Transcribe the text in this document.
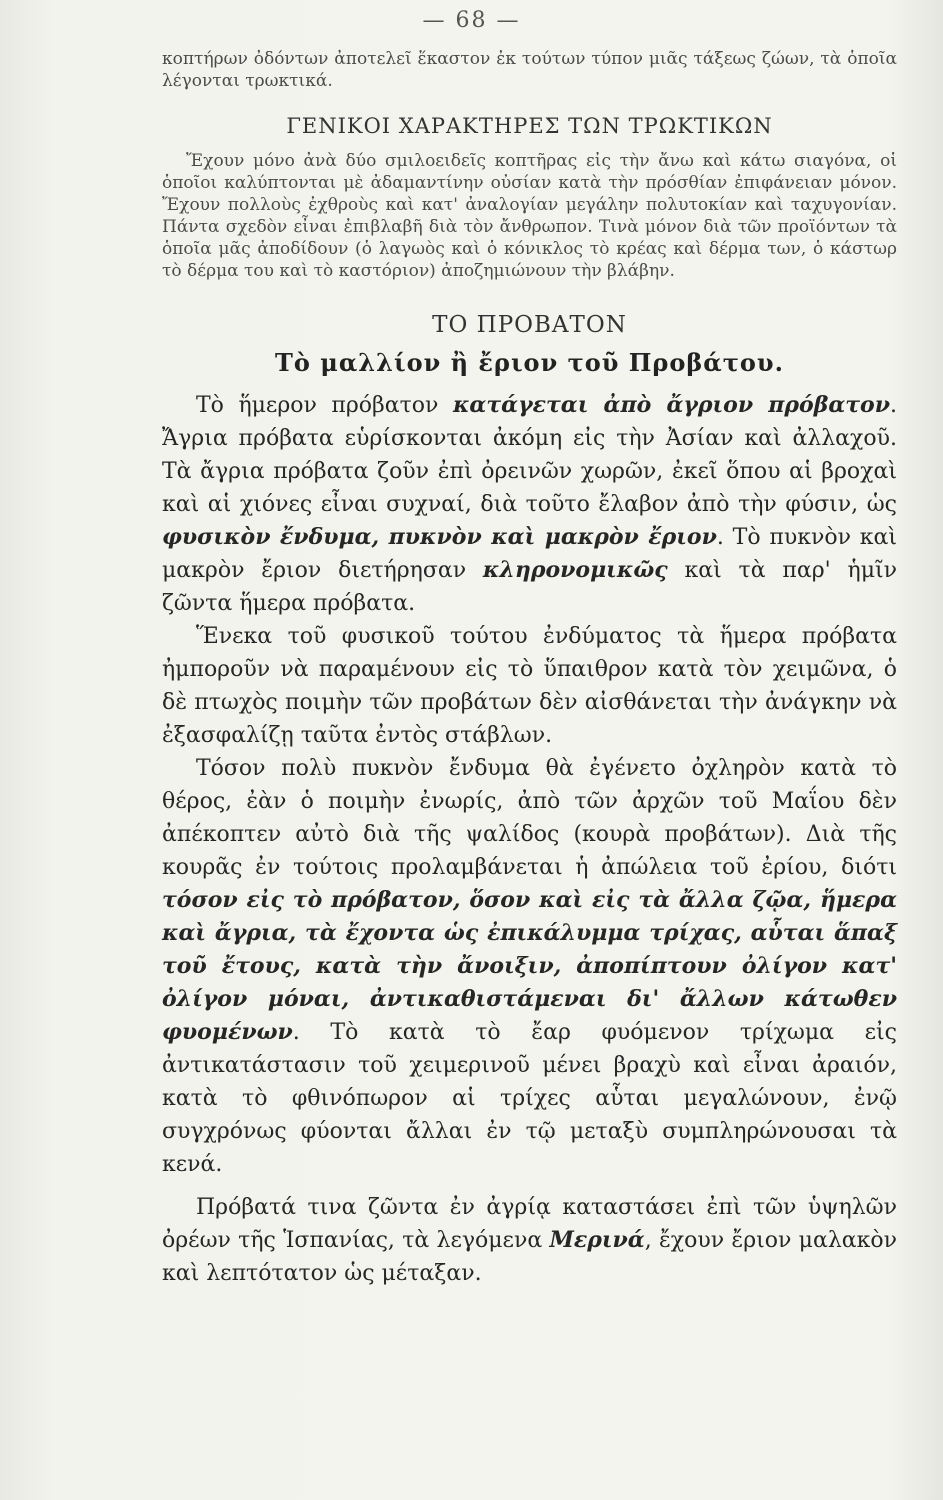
— 68 —

κοπτήρων ὀδόντων ἀποτελεῖ ἕκαστον ἐκ τούτων τύπον μιᾶς τάξεως ζώων, τὰ ὁποῖα λέγονται τρωκτικά.

ΓΕΝΙΚΟΙ ΧΑΡΑΚΤΗΡΕΣ ΤΩΝ ΤΡΩΚΤΙΚΩΝ

Ἔχουν μόνο ἀνὰ δύο σμιλοειδεῖς κοπτῆρας εἰς τὴν ἄνω καὶ κάτω σιαγόνα, οἱ ὁποῖοι καλύπτονται μὲ ἀδαμαντίνην οὐσίαν κατὰ τὴν πρόσθίαν ἐπιφάνειαν μόνον. Ἔχουν πολλοὺς ἐχθροὺς καὶ κατ' ἀναλογίαν μεγάλην πολυτοκίαν καὶ ταχυγονίαν. Πάντα σχεδὸν εἶναι ἐπιβλαβῆ διὰ τὸν ἄνθρωπον. Τινὰ μόνον διὰ τῶν προϊόντων τὰ ὁποῖα μᾶς ἀποδίδουν (ὁ λαγωὸς καὶ ὁ κόνικλος τὸ κρέας καὶ δέρμα των, ὁ κάστωρ τὸ δέρμα του καὶ τὸ καστόριον) ἀποζημιώνουν τὴν βλάβην.

ΤΟ ΠΡΟΒΑΤΟΝ
Τὸ μαλλίον ἢ ἔριον τοῦ Προβάτου.

Τὸ ἥμερον πρόβατον κατάγεται ἀπὸ ἄγριον πρόβατον. Ἄγρια πρόβατα εὑρίσκονται ἀκόμη εἰς τὴν Ἀσίαν καὶ ἀλλαχοῦ. Τὰ ἄγρια πρόβατα ζοῦν ἐπὶ ὀρεινῶν χωρῶν, ἐκεῖ ὅπου αἱ βροχαὶ καὶ αἱ χιόνες εἶναι συχναί, διὰ τοῦτο ἔλαβον ἀπὸ τὴν φύσιν, ὡς φυσικὸν ἔνδυμα, πυκνὸν καὶ μακρὸν ἔριον. Τὸ πυκνὸν καὶ μακρὸν ἔριον διετήρησαν κληρονομικῶς καὶ τὰ παρ' ἡμῖν ζῶντα ἥμερα πρόβατα.

Ἕνεκα τοῦ φυσικοῦ τούτου ἐνδύματος τὰ ἥμερα πρόβατα ἠμποροῦν νὰ παραμένουν εἰς τὸ ὕπαιθρον κατὰ τὸν χειμῶνα, ὁ δὲ πτωχὸς ποιμὴν τῶν προβάτων δὲν αἰσθάνεται τὴν ἀνάγκην νὰ ἐξασφαλίζῃ ταῦτα ἐντὸς στάβλων.

Τόσον πολὺ πυκνὸν ἔνδυμα θὰ ἐγένετο ὀχληρὸν κατὰ τὸ θέρος, ἐὰν ὁ ποιμὴν ἐνωρίς, ἀπὸ τῶν ἀρχῶν τοῦ Μαΐου δὲν ἀπέκοπτεν αὐτὸ διὰ τῆς ψαλίδος (κουρὰ προβάτων). Διὰ τῆς κουρᾶς ἐν τούτοις προλαμβάνεται ἡ ἀπώλεια τοῦ ἐρίου, διότι τόσον εἰς τὸ πρόβατον, ὅσον καὶ εἰς τὰ ἄλλα ζῷα, ἥμερα καὶ ἄγρια, τὰ ἔχοντα ὡς ἐπικάλυμμα τρίχας, αὗται ἅπαξ τοῦ ἔτους, κατὰ τὴν ἄνοιξιν, ἀποπίπτουν ὀλίγον κατ' ὀλίγον μόναι, ἀντικαθιστάμεναι δι' ἄλλων κάτωθεν φυομένων. Τὸ κατὰ τὸ ἔαρ φυόμενον τρίχωμα εἰς ἀντικατάστασιν τοῦ χειμερινοῦ μένει βραχὺ καὶ εἶναι ἀραιόν, κατὰ τὸ φθινόπωρον αἱ τρίχες αὗται μεγαλώνουν, ἐνῷ συγχρόνως φύονται ἄλλαι ἐν τῷ μεταξὺ συμπληρώνουσαι τὰ κενά.

Πρόβατά τινα ζῶντα ἐν ἀγρίᾳ καταστάσει ἐπὶ τῶν ὑψηλῶν ὀρέων τῆς Ἱσπανίας, τὰ λεγόμενα Μερινά, ἔχουν ἔριον μαλακὸν καὶ λεπτότατον ὡς μέταξαν.
